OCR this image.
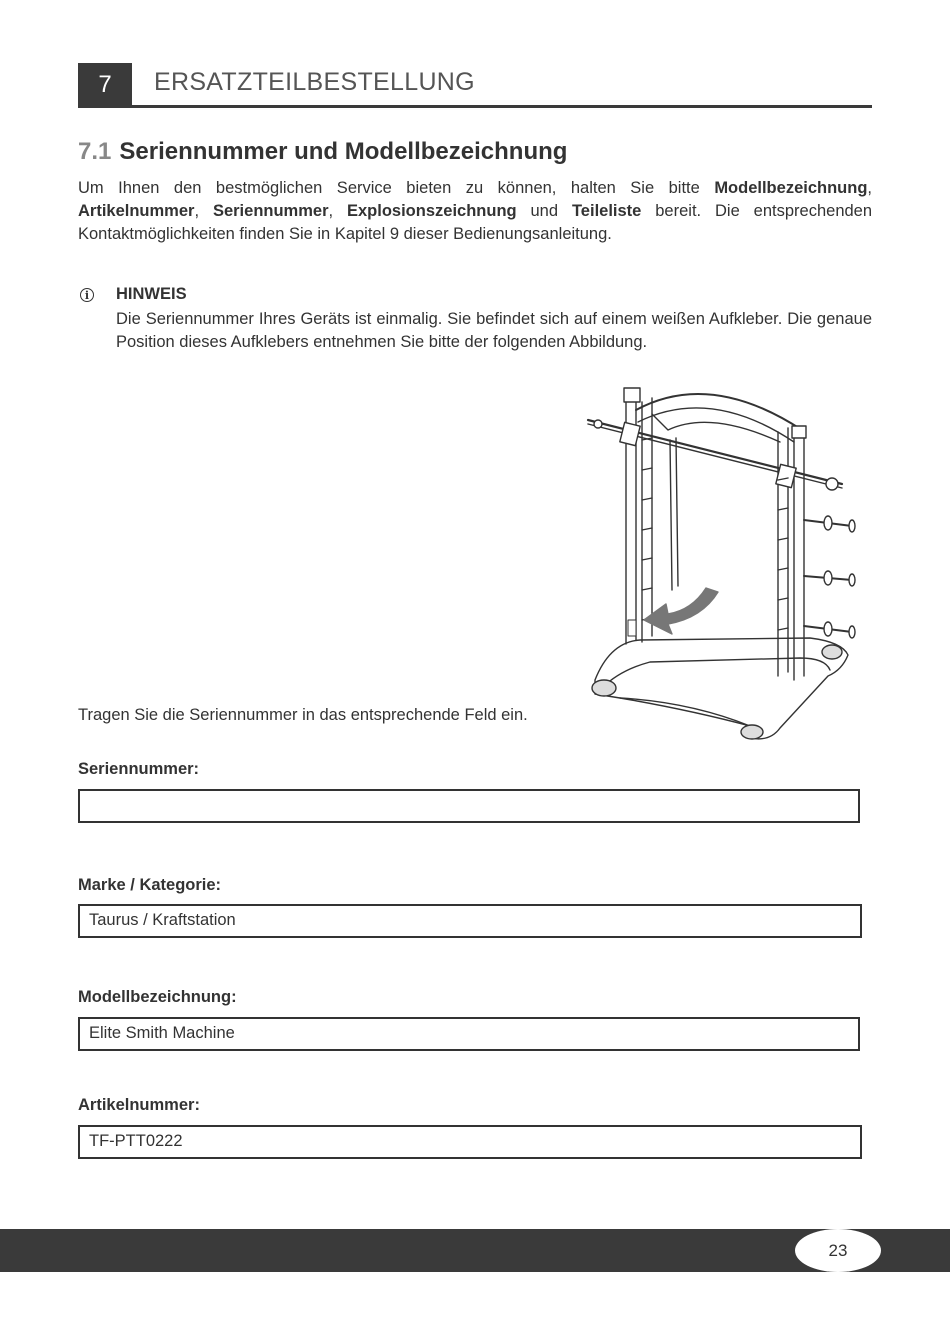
7 ERSATZTEILBESTELLUNG
7.1 Seriennummer und Modellbezeichnung
Um Ihnen den bestmöglichen Service bieten zu können, halten Sie bitte Modellbezeichnung, Artikelnummer, Seriennummer, Explosionszeichnung und Teileliste bereit. Die entsprechenden Kontaktmöglichkeiten finden Sie in Kapitel 9 dieser Bedienungsanleitung.
i HINWEIS
Die Seriennummer Ihres Geräts ist einmalig. Sie befindet sich auf einem weißen Aufkleber. Die genaue Position dieses Aufklebers entnehmen Sie bitte der folgenden Abbildung.
Tragen Sie die Seriennummer in das entsprechende Feld ein.
Seriennummer:
Marke / Kategorie:
Taurus / Kraftstation
Modellbezeichnung:
Elite Smith Machine
Artikelnummer:
TF-PTT0222
23
